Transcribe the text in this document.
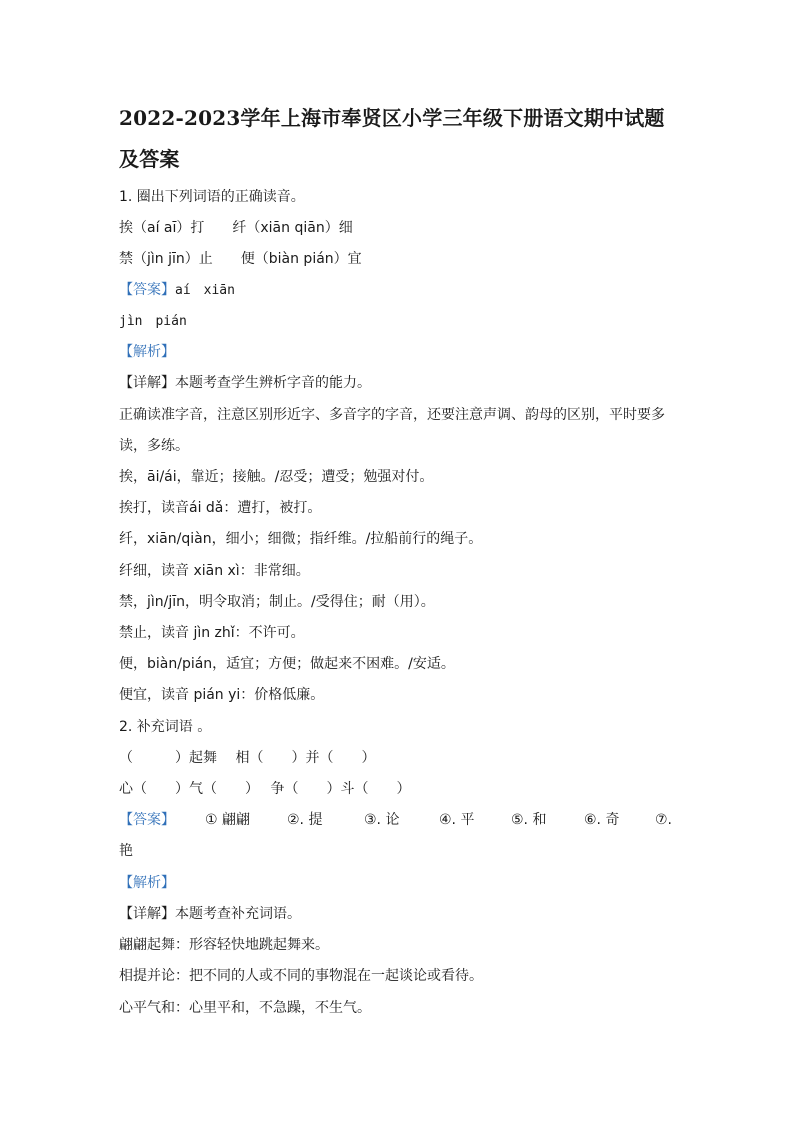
2022-2023学年上海市奉贤区小学三年级下册语文期中试题
及答案
1. 圈出下列词语的正确读音。
挨（aí aī）打　　纤（xiān qiān）细
禁（jìn jīn）止　　便（biàn pián）宜
【答案】aí　xiān
jìn　pián
【解析】
【详解】本题考查学生辨析字音的能力。
正确读准字音，注意区别形近字、多音字的字音，还要注意声调、韵母的区别，平时要多
读，多练。
挨，āi/ái，靠近；接触。/忍受；遭受；勉强对付。
挨打，读音ái dǎ：遭打，被打。
纤，xiān/qiàn，细小；细微；指纤维。/拉船前行的绳子。
纤细，读音 xiān xì：非常细。
禁，jìn/jīn，明令取消；制止。/受得住；耐（用）。
禁止，读音 jìn zhǐ：不许可。
便，biàn/pián，适宜；方便；做起来不困难。/安适。
便宜，读音 pián yi：价格低廉。
2. 补充词语 。
（　　　）起舞　 相（　　）并（　　）
心（　　）气（　　）　 争（　　）斗（　　）
【答案】 ① 翩翩	②. 提	③. 论	④. 平	⑤. 和	⑥. 奇	⑦.
艳
【解析】
【详解】本题考查补充词语。
翩翩起舞：形容轻快地跳起舞来。
相提并论：把不同的人或不同的事物混在一起谈论或看待。
心平气和：心里平和，不急躁，不生气。
